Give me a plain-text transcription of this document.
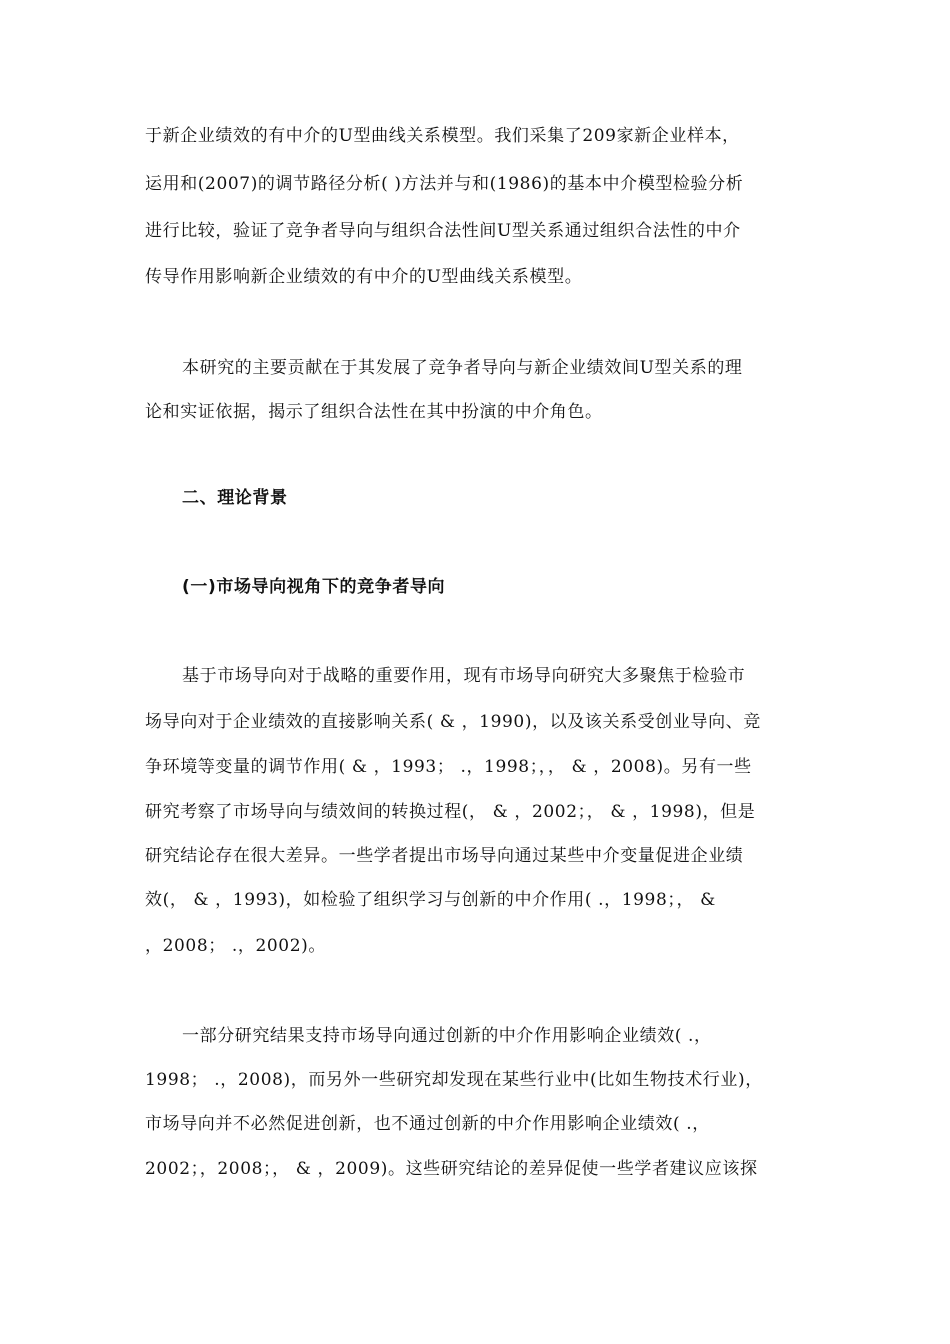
于新企业绩效的有中介的U型曲线关系模型。我们采集了209家新企业样本，
运用和(2007)的调节路径分析( )方法并与和(1986)的基本中介模型检验分析
进行比较，验证了竞争者导向与组织合法性间U型关系通过组织合法性的中介
传导作用影响新企业绩效的有中介的U型曲线关系模型。
本研究的主要贡献在于其发展了竞争者导向与新企业绩效间U型关系的理
论和实证依据，揭示了组织合法性在其中扮演的中介角色。
二、理论背景
(一)市场导向视角下的竞争者导向
基于市场导向对于战略的重要作用，现有市场导向研究大多聚焦于检验市
场导向对于企业绩效的直接影响关系( & ，1990)，以及该关系受创业导向、竞
争环境等变量的调节作用( & ，1993； .，1998；，， & ，2008)。另有一些
研究考察了市场导向与绩效间的转换过程(， & ，2002；， & ，1998)，但是
研究结论存在很大差异。一些学者提出市场导向通过某些中介变量促进企业绩
效(， & ，1993)，如检验了组织学习与创新的中介作用( .，1998；， &
，2008； .，2002)。
一部分研究结果支持市场导向通过创新的中介作用影响企业绩效( .，
1998； .，2008)，而另外一些研究却发现在某些行业中(比如生物技术行业)，
市场导向并不必然促进创新，也不通过创新的中介作用影响企业绩效( .，
2002；，2008；， & ，2009)。这些研究结论的差异促使一些学者建议应该探
